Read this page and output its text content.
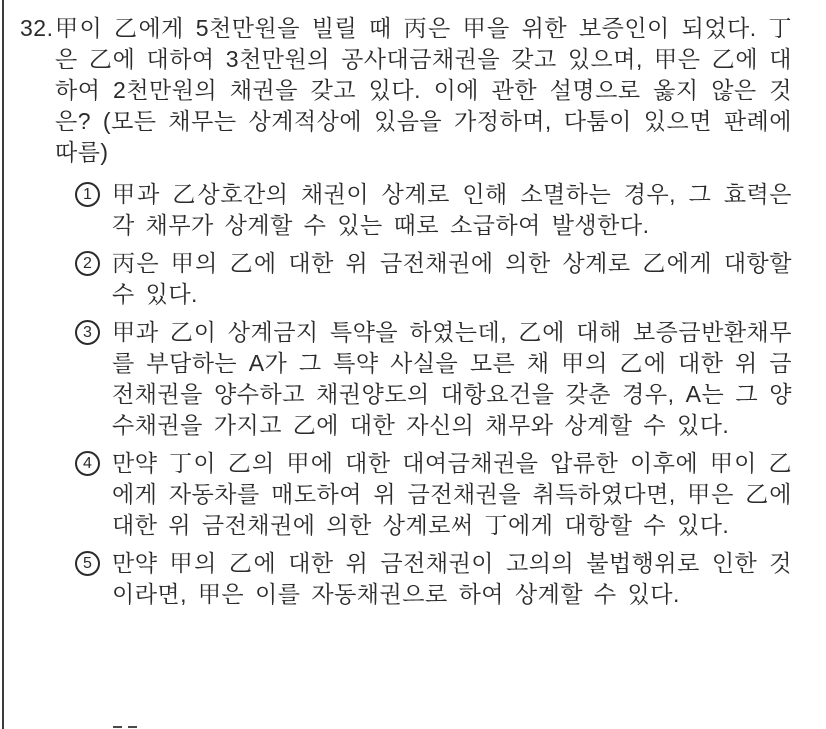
32. 甲이 乙에게 5천만원을 빌릴 때 丙은 甲을 위한 보증인이 되었다. 丁은 乙에 대하여 3천만원의 공사대금채권을 갖고 있으며, 甲은 乙에 대하여 2천만원의 채권을 갖고 있다. 이에 관한 설명으로 옳지 않은 것은? (모든 채무는 상계적상에 있음을 가정하며, 다툼이 있으면 판례에 따름)
1 甲과 乙상호간의 채권이 상계로 인해 소멸하는 경우, 그 효력은 각 채무가 상계할 수 있는 때로 소급하여 발생한다.
2 丙은 甲의 乙에 대한 위 금전채권에 의한 상계로 乙에게 대항할 수 있다.
3 甲과 乙이 상계금지 특약을 하였는데, 乙에 대해 보증금반환채무를 부담하는 A가 그 특약 사실을 모른 채 甲의 乙에 대한 위 금전채권을 양수하고 채권양도의 대항요건을 갖춘 경우, A는 그 양수채권을 가지고 乙에 대한 자신의 채무와 상계할 수 있다.
4 만약 丁이 乙의 甲에 대한 대여금채권을 압류한 이후에 甲이 乙에게 자동차를 매도하여 위 금전채권을 취득하였다면, 甲은 乙에 대한 위 금전채권에 의한 상계로써 丁에게 대항할 수 있다.
5 만약 甲의 乙에 대한 위 금전채권이 고의의 불법행위로 인한 것이라면, 甲은 이를 자동채권으로 하여 상계할 수 있다.
